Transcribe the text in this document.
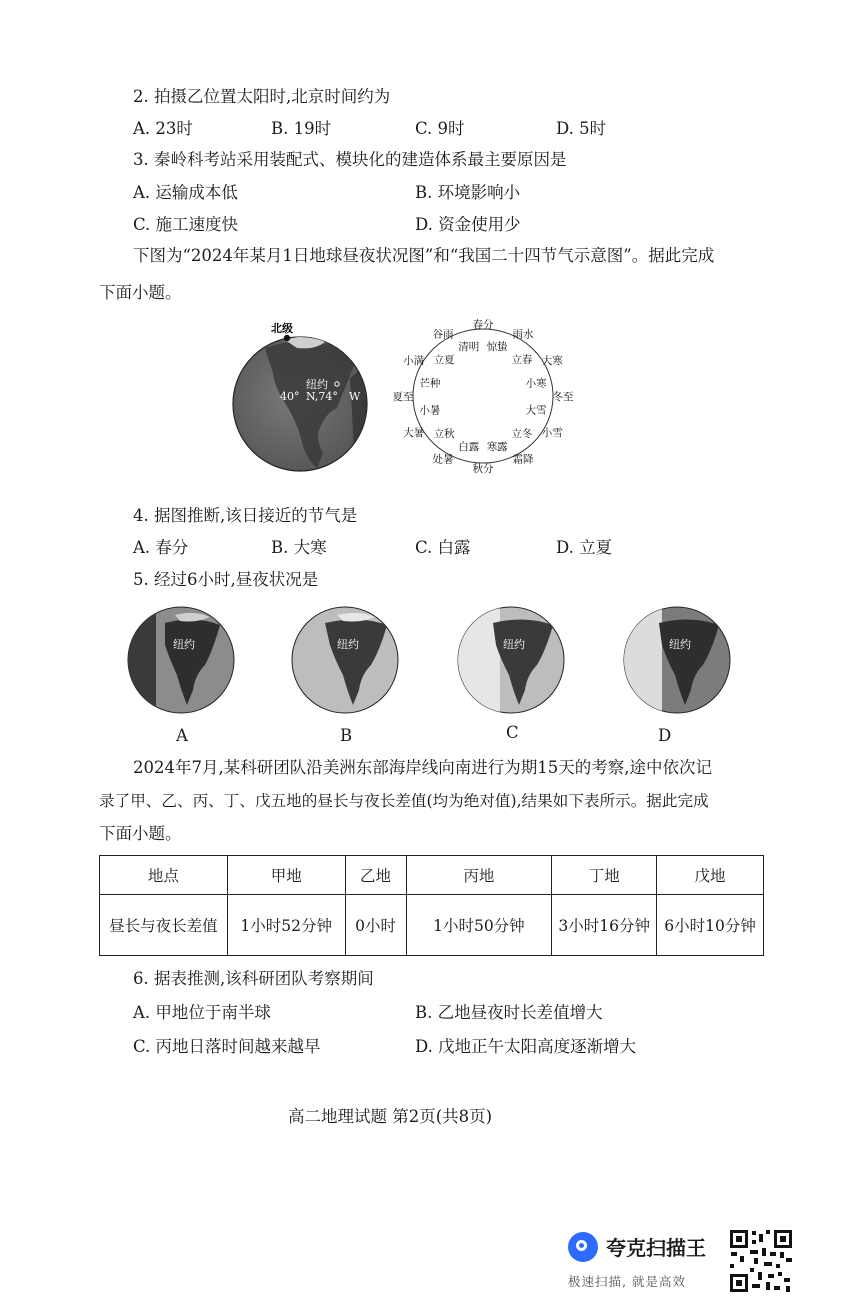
2. 拍摄乙位置太阳时,北京时间约为
A. 23时	B. 19时	C. 9时	D. 5时
3. 秦岭科考站采用装配式、模块化的建造体系最主要原因是
A. 运输成本低	B. 环境影响小
C. 施工速度快	D. 资金使用少
下图为“2024年某月1日地球昼夜状况图”和“我国二十四节气示意图”。据此完成
下面小题。
北级
纽约
40° N,74° W
春分
雨水
大寒
冬至
小雪
霜降
秋分
处暑
大暑
夏至
小满
谷雨
惊蛰
立春
小寒
大雪
立冬
寒露
白露
立秋
小暑
芒种
立夏
清明
4. 据图推断,该日接近的节气是
A. 春分	B. 大寒	C. 白露	D. 立夏
5. 经过6小时,昼夜状况是
纽约	纽约	纽约	纽约
A	B	C	D
2024年7月,某科研团队沿美洲东部海岸线向南进行为期15天的考察,途中依次记
录了甲、乙、丙、丁、戊五地的昼长与夜长差值(均为绝对值),结果如下表所示。据此完成
下面小题。
地点	甲地	乙地	丙地	丁地	戊地
昼长与夜长差值	1小时52分钟	0小时	1小时50分钟	3小时16分钟	6小时10分钟
6. 据表推测,该科研团队考察期间
A. 甲地位于南半球	B. 乙地昼夜时长差值增大
C. 丙地日落时间越来越早	D. 戊地正午太阳高度逐渐增大
高二地理试题 第2页(共8页)
夸克扫描王
极速扫描, 就是高效
